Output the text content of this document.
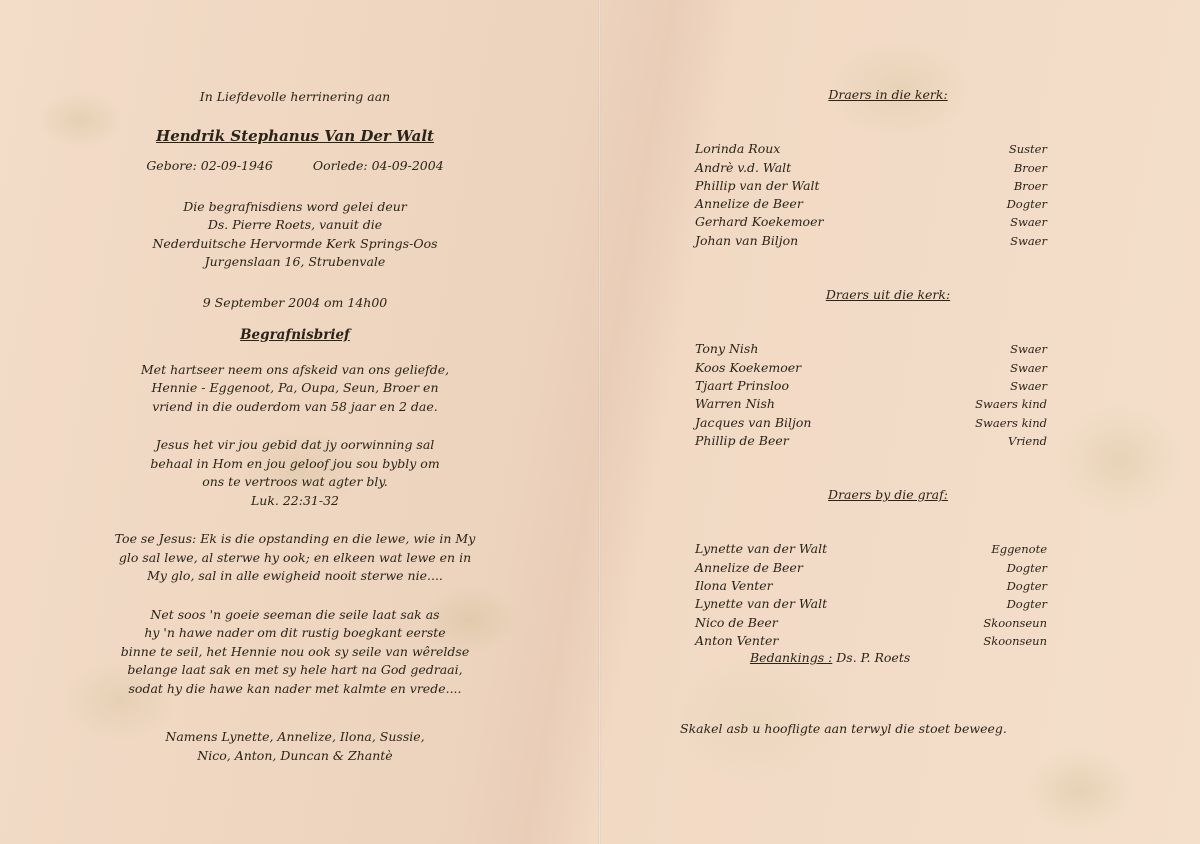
In Liefdevolle herrinering aan

Hendrik Stephanus Van Der Walt

Gebore: 02-09-1946	Oorlede: 04-09-2004

Die begrafnisdiens word gelei deur

Ds. Pierre Roets, vanuit die

Nederduitsche Hervormde Kerk Springs-Oos

Jurgenslaan 16, Strubenvale

9 September 2004 om 14h00

Begrafnisbrief

Met hartseer neem ons afskeid van ons geliefde,

Hennie - Eggenoot, Pa, Oupa, Seun, Broer en

vriend in die ouderdom van 58 jaar en 2 dae.

Jesus het vir jou gebid dat jy oorwinning sal

behaal in Hom en jou geloof jou sou bybly om

ons te vertroos wat agter bly.

Luk. 22:31-32

Toe se Jesus: Ek is die opstanding en die lewe, wie in My

glo sal lewe, al sterwe hy ook; en elkeen wat lewe en in

My glo, sal in alle ewigheid nooit sterwe nie....

Net soos 'n goeie seeman die seile laat sak as

hy 'n hawe nader om dit rustig boegkant eerste

binne te seil, het Hennie nou ook sy seile van wêreldse

belange laat sak en met sy hele hart na God gedraai,

sodat hy die hawe kan nader met kalmte en vrede....

Namens Lynette, Annelize, Ilona, Sussie,

Nico, Anton, Duncan & Zhantè

Draers in die kerk:

Lorinda Roux	Suster
Andrè v.d. Walt	Broer
Phillip van der Walt	Broer
Annelize de Beer	Dogter
Gerhard Koekemoer	Swaer
Johan van Biljon	Swaer

Draers uit die kerk:

Tony Nish	Swaer
Koos Koekemoer	Swaer
Tjaart Prinsloo	Swaer
Warren Nish	Swaers kind
Jacques van Biljon	Swaers kind
Phillip de Beer	Vriend

Draers by die graf:

Lynette van der Walt	Eggenote
Annelize de Beer	Dogter
Ilona Venter	Dogter
Lynette van der Walt	Dogter
Nico de Beer	Skoonseun
Anton Venter	Skoonseun
Bedankings : Ds. P. Roets
Skakel asb u hoofligte aan terwyl die stoet beweeg.
